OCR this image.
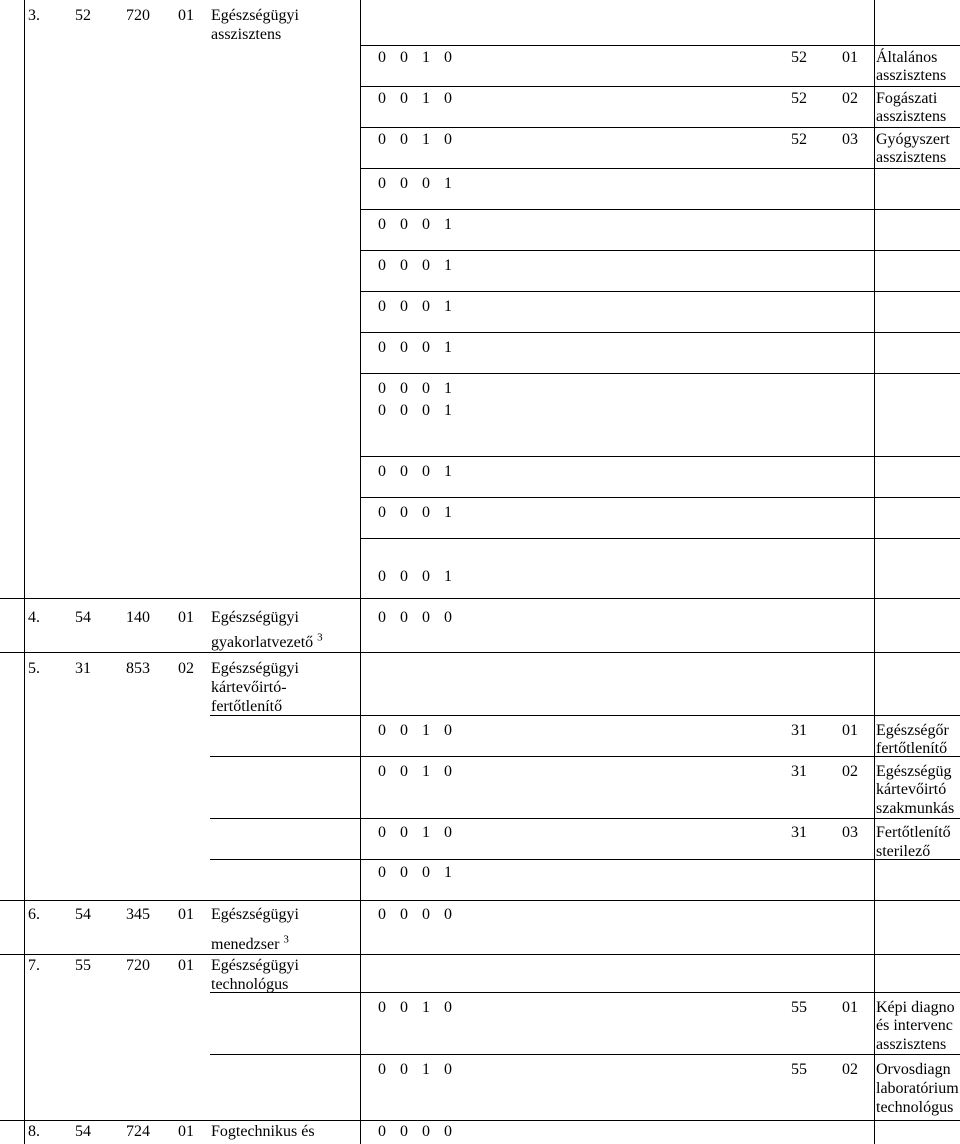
3. 52 720 01 Egészségügyi
asszisztens
0 0 1 0	52 01 Általános
asszisztens
0 0 1 0	52 02 Fogászati
asszisztens
0 0 1 0	52 03 Gyógyszert
asszisztens
0 0 0 1
0 0 0 1
0 0 0 1
0 0 0 1
0 0 0 1
0 0 0 1
0 0 0 1
0 0 0 1
0 0 0 1
0 0 0 1
4. 54 140 01 Egészségügyi
gyakorlatvezető $^3$
0 0 0 0
5. 31 853 02 Egészségügyi
kártevőirtó-
fertőtlenítő
0 0 1 0	31 01 Egészségőr
fertőtlenítő
0 0 1 0	31 02 Egészségüg
kártevőirtó
szakmunkás
0 0 1 0	31 03 Fertőtlenítő
sterilező
0 0 0 1
6. 54 345 01 Egészségügyi
menedzser $^3$
0 0 0 0
7. 55 720 01 Egészségügyi
technológus
0 0 1 0	55 01 Képi diagno
és intervenc
asszisztens
0 0 1 0	55 02 Orvosdiagn
laboratórium
technológus
8. 54 724 01 Fogtechnikus és	0 0 0 0
